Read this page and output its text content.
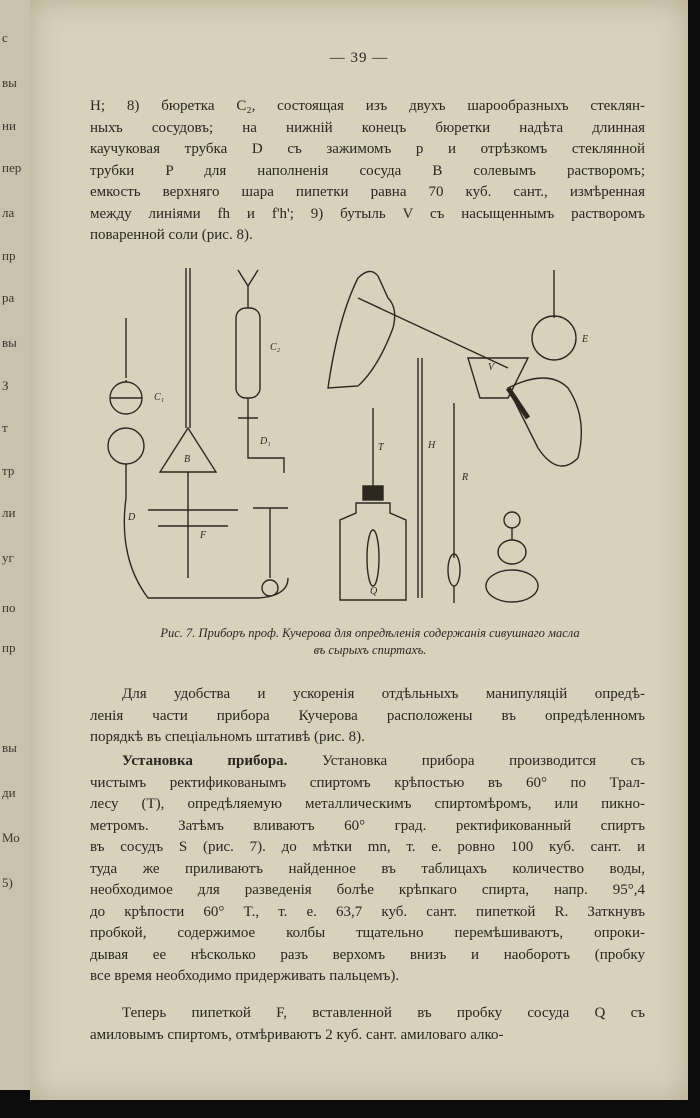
с
вы
ни
пер
ла
пр
ра
вы
З
т
тр
ли
уг
по
пр
вы
ди
Мо
5)
— 39 —
H; 8) бюретка C₂, состоящая изъ двухъ шарообразныхъ стеклян-
ныхъ сосудовъ; на нижній конецъ бюретки надѣта длинная
каучуковая трубка D съ зажимомъ р и отрѣзкомъ стеклянной
трубки P для наполненія сосуда B солевымъ растворомъ;
емкость верхняго шара пипетки равна 70 куб. сант., измѣренная
между линіями fh и f'h'; 9) бутыль V съ насыщеннымъ растворомъ
поваренной соли (рис. 8).
C₁
D
B
F
C₂
D₁
T
Q
H
R
V
E
Рис. 7. Приборъ проф. Кучерова для опредѣленія содержанія сивушнаго масла
въ сырыхъ спиртахъ.
Для удобства и ускоренія отдѣльныхъ манипуляцій опредѣ-
ленія части прибора Кучерова расположены въ опредѣленномъ
порядкѣ въ спеціальномъ штативѣ (рис. 8).
Установка прибора. Установка прибора производится съ
чистымъ ректификованымъ спиртомъ крѣпостью въ 60° по Трал-
лесу (T), опредѣляемую металлическимъ спиртомѣромъ, или пикно-
метромъ. Затѣмъ вливаютъ 60° град. ректификованный спиртъ
въ сосудъ S (рис. 7). до мѣтки mn, т. е. ровно 100 куб. сант. и
туда же приливаютъ найденное въ таблицахъ количество воды,
необходимое для разведенія болѣе крѣпкаго спирта, напр. 95°,4
до крѣпости 60° T., т. е. 63,7 куб. сант. пипеткой R. Заткнувъ
пробкой, содержимое колбы тщательно перемѣшиваютъ, опроки-
дывая ее нѣсколько разъ верхомъ внизъ и наоборотъ (пробку
все время необходимо придерживать пальцемъ).
Теперь пипеткой F, вставленной въ пробку сосуда Q съ
амиловымъ спиртомъ, отмѣриваютъ 2 куб. сант. амиловаго алко-
